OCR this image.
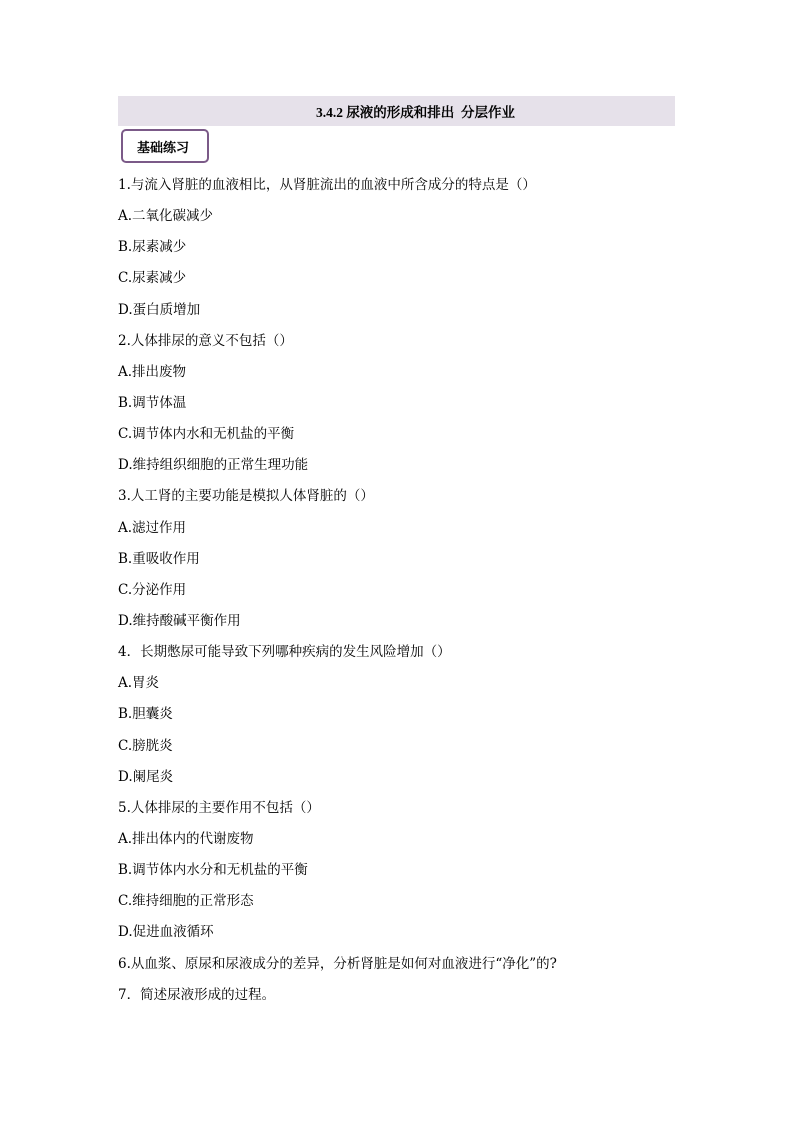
3.4.2 尿液的形成和排出  分层作业
基础练习
1.与流入肾脏的血液相比，从肾脏流出的血液中所含成分的特点是（）
A.二氧化碳减少
B.尿素减少
C.尿素减少
D.蛋白质增加
2.人体排尿的意义不包括（）
A.排出废物
B.调节体温
C.调节体内水和无机盐的平衡
D.维持组织细胞的正常生理功能
3.人工肾的主要功能是模拟人体肾脏的（）
A.滤过作用
B.重吸收作用
C.分泌作用
D.维持酸碱平衡作用
4．长期憋尿可能导致下列哪种疾病的发生风险增加（）
A.胃炎
B.胆囊炎
C.膀胱炎
D.阑尾炎
5.人体排尿的主要作用不包括（）
A.排出体内的代谢废物
B.调节体内水分和无机盐的平衡
C.维持细胞的正常形态
D.促进血液循环
6.从血浆、原尿和尿液成分的差异，分析肾脏是如何对血液进行“净化”的?
7．简述尿液形成的过程。
